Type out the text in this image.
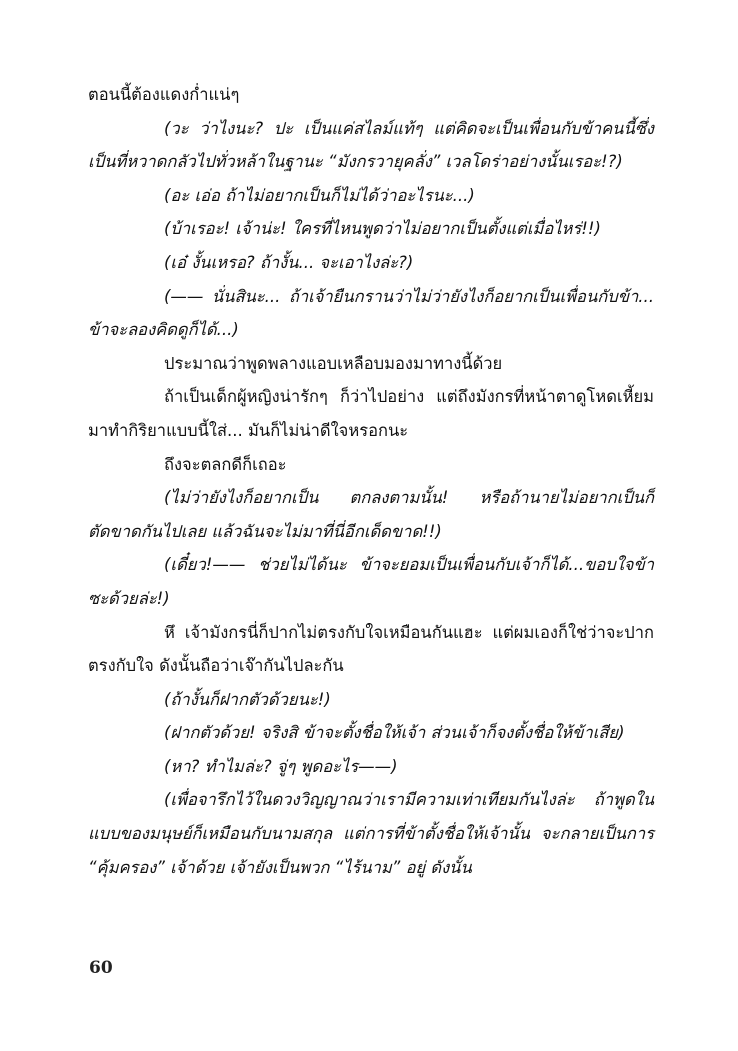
ตอนนี้ต้องแดงก่ำแน่ๆ

(วะ ว่าไงนะ? ปะ เป็นแค่สไลม์แท้ๆ แต่คิดจะเป็นเพื่อนกับข้าคนนี้ซึ่งเป็นที่หวาดกลัวไปทั่วหล้าในฐานะ “มังกรวายุคลั่ง” เวลโดร่าอย่างนั้นเรอะ!?)

(อะ เอ่อ ถ้าไม่อยากเป็นก็ไม่ได้ว่าอะไรนะ...)

(บ้าเรอะ! เจ้าน่ะ! ใครที่ไหนพูดว่าไม่อยากเป็นตั้งแต่เมื่อไหร่!!)

(เอ๋ งั้นเหรอ? ถ้างั้น... จะเอาไงล่ะ?)

(—— นั่นสินะ... ถ้าเจ้ายืนกรานว่าไม่ว่ายังไงก็อยากเป็นเพื่อนกับข้า... ข้าจะลองคิดดูก็ได้...)

ประมาณว่าพูดพลางแอบเหลือบมองมาทางนี้ด้วย

ถ้าเป็นเด็กผู้หญิงน่ารักๆ ก็ว่าไปอย่าง แต่ถึงมังกรที่หน้าตาดูโหดเหี้ยมมาทำกิริยาแบบนี้ใส่... มันก็ไม่น่าดีใจหรอกนะ

ถึงจะตลกดีก็เถอะ

(ไม่ว่ายังไงก็อยากเป็น ตกลงตามนั้น! หรือถ้านายไม่อยากเป็นก็ตัดขาดกันไปเลย แล้วฉันจะไม่มาที่นี่อีกเด็ดขาด!!)

(เดี๋ยว!—— ช่วยไม่ได้นะ ข้าจะยอมเป็นเพื่อนกับเจ้าก็ได้...ขอบใจข้าซะด้วยล่ะ!)

หึ เจ้ามังกรนี่ก็ปากไม่ตรงกับใจเหมือนกันแฮะ แต่ผมเองก็ใช่ว่าจะปากตรงกับใจ ดังนั้นถือว่าเจ๊ากันไปละกัน

(ถ้างั้นก็ฝากตัวด้วยนะ!)

(ฝากตัวด้วย! จริงสิ ข้าจะตั้งชื่อให้เจ้า ส่วนเจ้าก็จงตั้งชื่อให้ข้าเสีย)

(หา? ทำไมล่ะ? จู่ๆ พูดอะไร——)

(เพื่อจารึกไว้ในดวงวิญญาณว่าเรามีความเท่าเทียมกันไงล่ะ ถ้าพูดในแบบของมนุษย์ก็เหมือนกับนามสกุล แต่การที่ข้าตั้งชื่อให้เจ้านั้น จะกลายเป็นการ “คุ้มครอง” เจ้าด้วย เจ้ายังเป็นพวก “ไร้นาม” อยู่ ดังนั้น

60
